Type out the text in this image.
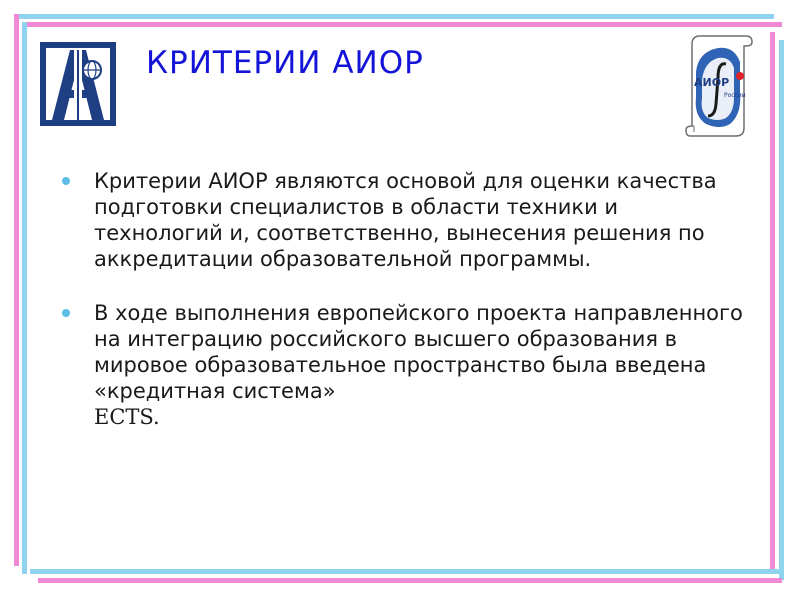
КРИТЕРИИ АИОР
АИОР
России
Критерии АИОР являются основой для оценки качества подготовки специалистов в области техники и технологий и, соответственно, вынесения решения по аккредитации образовательной программы.
В ходе выполнения европейского проекта направленного на интеграцию российского высшего образования в мировое образовательное пространство была введена «кредитная система»
ECTS.
